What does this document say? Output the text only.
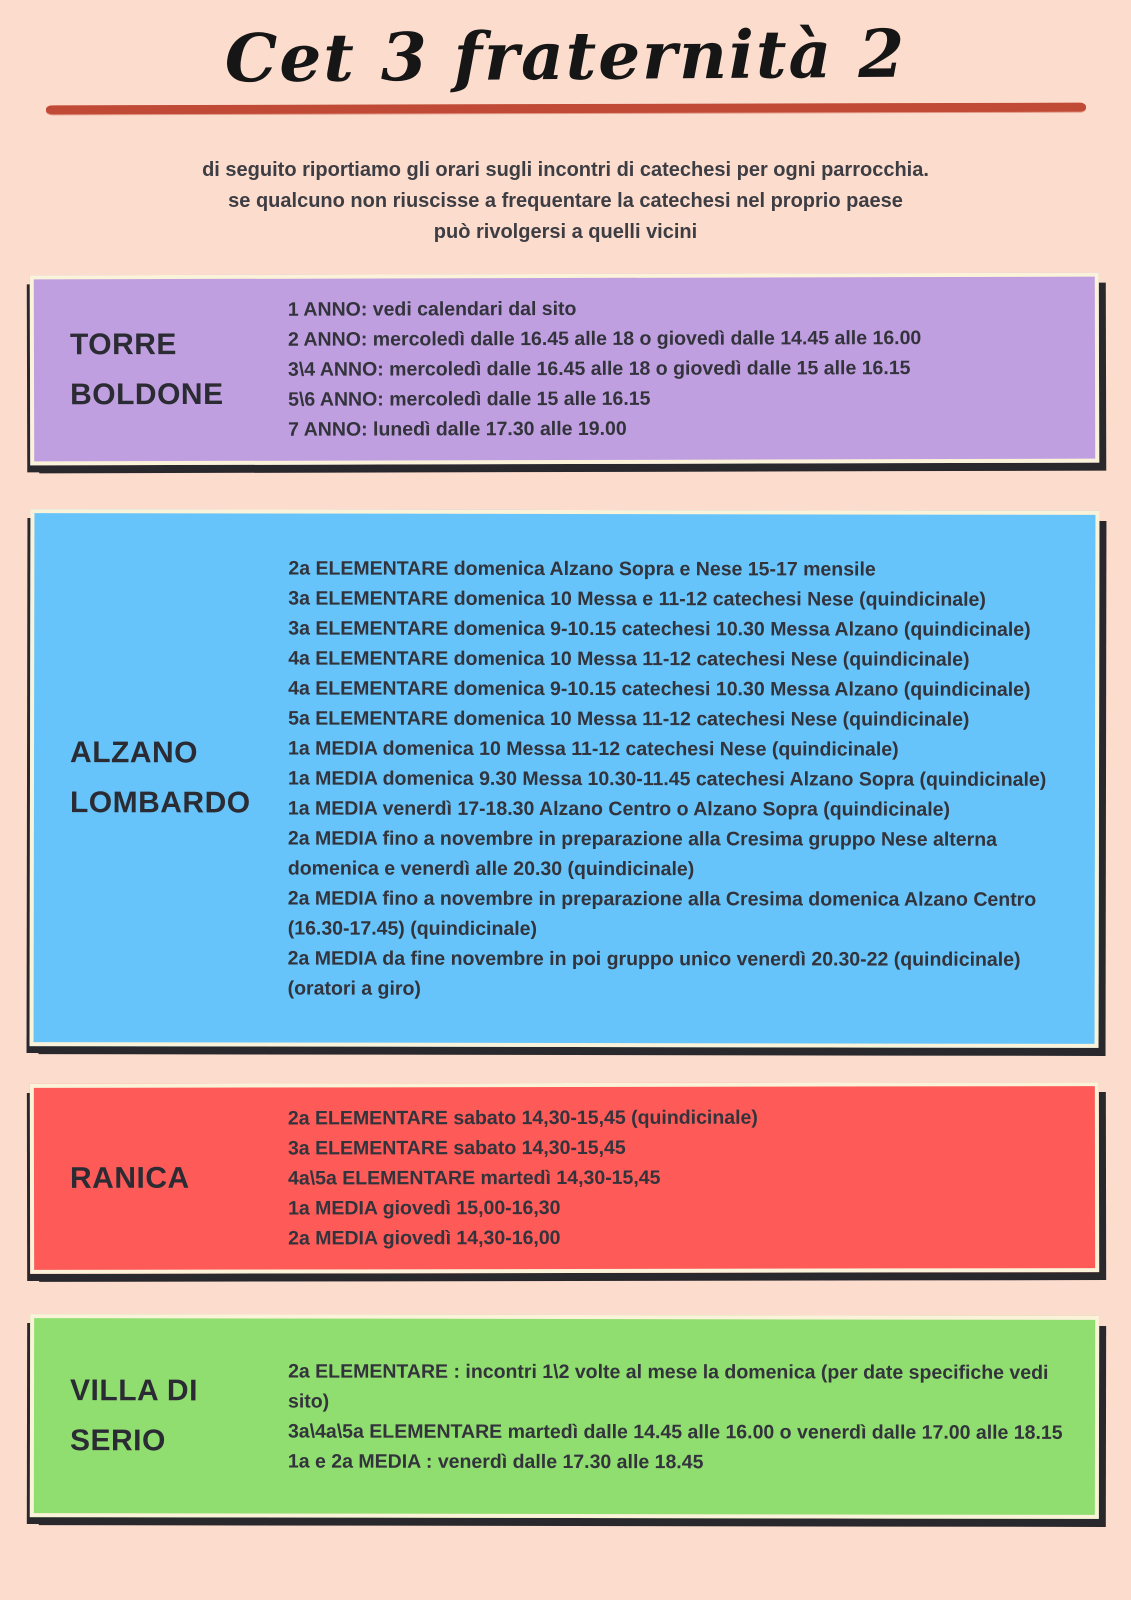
Cet 3 fraternità 2
di seguito riportiamo gli orari sugli incontri di catechesi per ogni parrocchia.
se qualcuno non riuscisse a frequentare la catechesi nel proprio paese
può rivolgersi a quelli vicini
TORRE BOLDONE
1 ANNO: vedi calendari dal sito
2 ANNO: mercoledì dalle 16.45 alle 18 o giovedì dalle 14.45 alle 16.00
3\4 ANNO: mercoledì dalle 16.45 alle 18 o giovedì dalle 15 alle 16.15
5\6 ANNO: mercoledì dalle 15 alle 16.15
7 ANNO: lunedì dalle 17.30 alle 19.00
ALZANO LOMBARDO
2a ELEMENTARE domenica Alzano Sopra e Nese 15-17 mensile
3a ELEMENTARE domenica 10 Messa e 11-12 catechesi Nese (quindicinale)
3a ELEMENTARE domenica 9-10.15 catechesi 10.30 Messa Alzano (quindicinale)
4a ELEMENTARE domenica 10 Messa 11-12 catechesi Nese (quindicinale)
4a ELEMENTARE domenica 9-10.15 catechesi 10.30 Messa Alzano (quindicinale)
5a ELEMENTARE domenica 10 Messa 11-12 catechesi Nese (quindicinale)
1a MEDIA domenica 10 Messa 11-12 catechesi Nese (quindicinale)
1a MEDIA domenica 9.30 Messa 10.30-11.45 catechesi Alzano Sopra (quindicinale)
1a MEDIA venerdì 17-18.30 Alzano Centro o Alzano Sopra (quindicinale)
2a MEDIA fino a novembre in preparazione alla Cresima gruppo Nese alterna domenica e venerdì alle 20.30 (quindicinale)
2a MEDIA fino a novembre in preparazione alla Cresima domenica Alzano Centro (16.30-17.45) (quindicinale)
2a MEDIA da fine novembre in poi gruppo unico venerdì 20.30-22 (quindicinale) (oratori a giro)
RANICA
2a ELEMENTARE sabato 14,30-15,45 (quindicinale)
3a ELEMENTARE sabato 14,30-15,45
4a\5a ELEMENTARE martedì 14,30-15,45
1a MEDIA giovedì 15,00-16,30
2a MEDIA giovedì 14,30-16,00
VILLA DI SERIO
2a ELEMENTARE : incontri 1\2 volte al mese la domenica (per date specifiche vedi sito)
3a\4a\5a ELEMENTARE martedì dalle 14.45 alle 16.00 o venerdì dalle 17.00 alle 18.15
1a e 2a MEDIA : venerdì dalle 17.30 alle 18.45
